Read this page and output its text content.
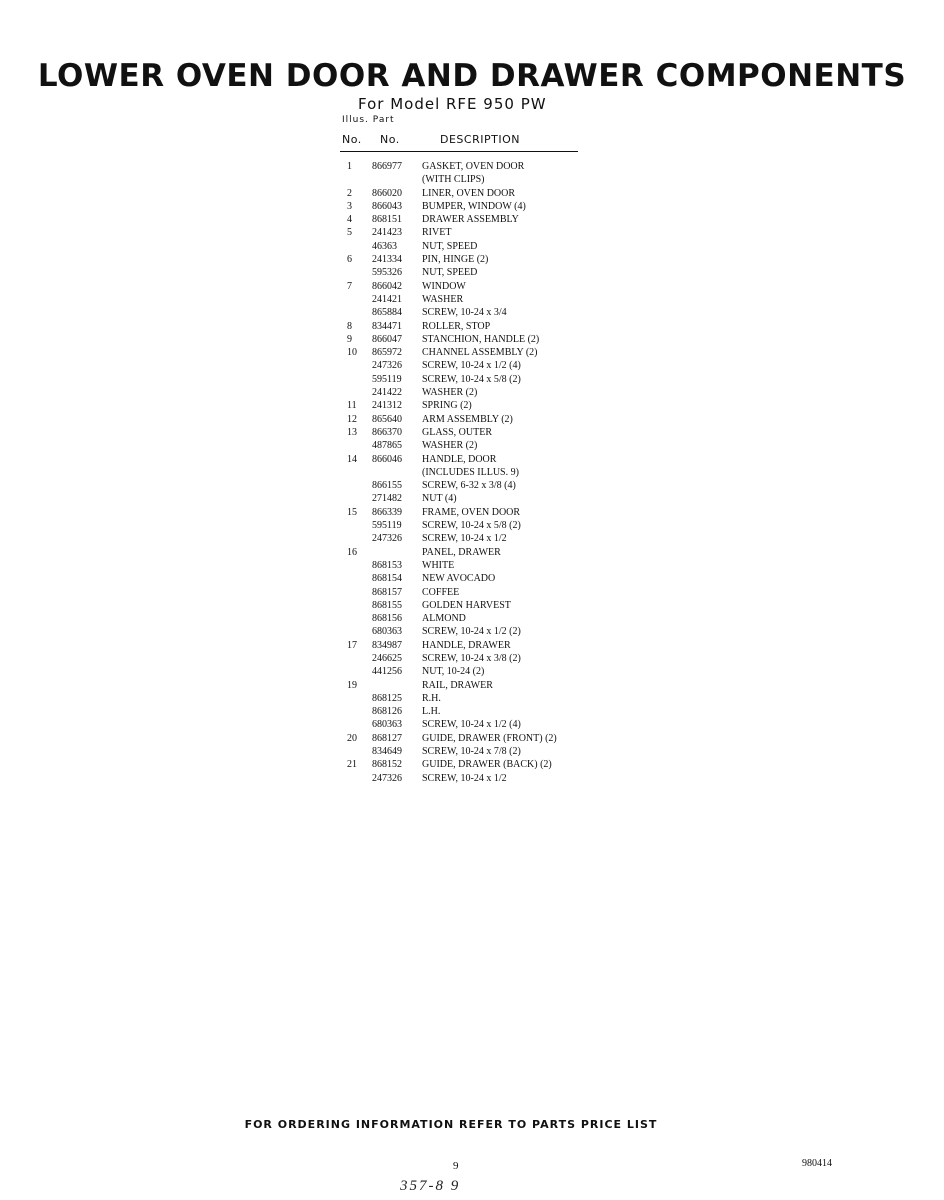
LOWER OVEN DOOR AND DRAWER COMPONENTS
For Model RFE 950 PW
Illus. Part
No. No.	DESCRIPTION
1 866977 GASKET, OVEN DOOR
(WITH CLIPS)
2 866020 LINER, OVEN DOOR
3 866043 BUMPER, WINDOW (4)
4 868151 DRAWER ASSEMBLY
5 241423 RIVET
46363	NUT, SPEED
6 241334 PIN, HINGE (2)
595326 NUT, SPEED
7 866042 WINDOW
241421 WASHER
865884 SCREW, 10-24 x 3/4
8 834471 ROLLER, STOP
9 866047 STANCHION, HANDLE (2)
10 865972 CHANNEL ASSEMBLY (2)
247326 SCREW, 10-24 x 1/2 (4)
595119 SCREW, 10-24 x 5/8 (2)
241422 WASHER (2)
11 241312 SPRING (2)
12 865640 ARM ASSEMBLY (2)
13 866370 GLASS, OUTER
487865 WASHER (2)
14 866046 HANDLE, DOOR
(INCLUDES ILLUS. 9)
866155 SCREW, 6-32 x 3/8 (4)
271482 NUT (4)
15 866339 FRAME, OVEN DOOR
595119 SCREW, 10-24 x 5/8 (2)
247326 SCREW, 10-24 x 1/2
16	PANEL, DRAWER
868153 WHITE
868154 NEW AVOCADO
868157 COFFEE
868155 GOLDEN HARVEST
868156 ALMOND
680363 SCREW, 10-24 x 1/2 (2)
17 834987 HANDLE, DRAWER
246625 SCREW, 10-24 x 3/8 (2)
441256 NUT, 10-24 (2)
19	RAIL, DRAWER
868125 R.H.
868126 L.H.
680363 SCREW, 10-24 x 1/2 (4)
20 868127 GUIDE, DRAWER (FRONT) (2)
834649 SCREW, 10-24 x 7/8 (2)
21 868152 GUIDE, DRAWER (BACK) (2)
247326 SCREW, 10-24 x 1/2
FOR ORDERING INFORMATION REFER TO PARTS PRICE LIST
9	980414
357-8 9
